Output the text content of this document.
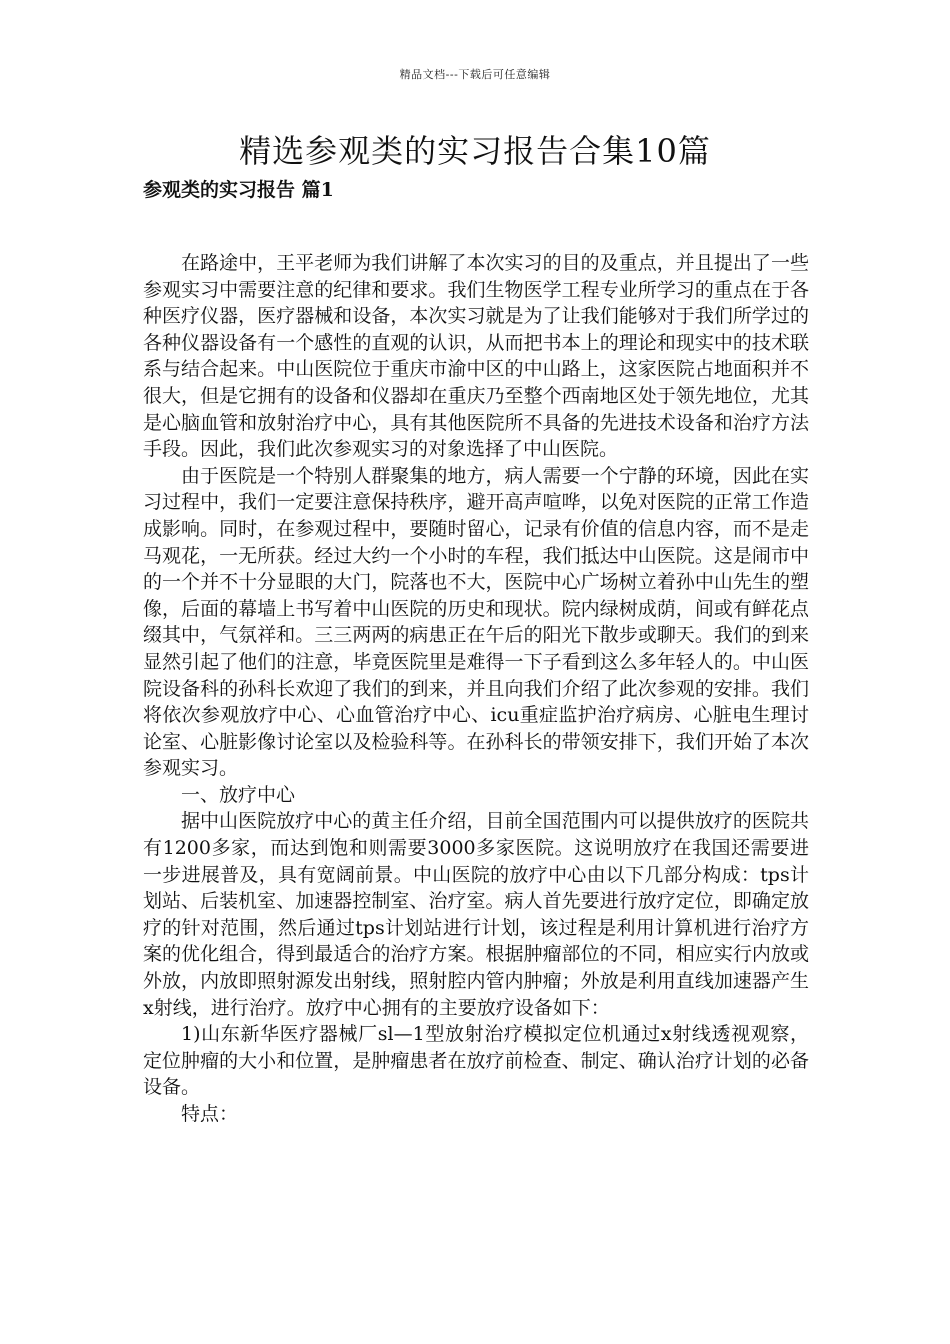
精品文档---下载后可任意编辑
精选参观类的实习报告合集10篇
参观类的实习报告 篇1

在路途中，王平老师为我们讲解了本次实习的目的及重点，并且提出了一些参观实习中需要注意的纪律和要求。我们生物医学工程专业所学习的重点在于各种医疗仪器，医疗器械和设备，本次实习就是为了让我们能够对于我们所学过的各种仪器设备有一个感性的直观的认识，从而把书本上的理论和现实中的技术联系与结合起来。中山医院位于重庆市渝中区的中山路上，这家医院占地面积并不很大，但是它拥有的设备和仪器却在重庆乃至整个西南地区处于领先地位，尤其是心脑血管和放射治疗中心，具有其他医院所不具备的先进技术设备和治疗方法手段。因此，我们此次参观实习的对象选择了中山医院。

由于医院是一个特别人群聚集的地方，病人需要一个宁静的环境，因此在实习过程中，我们一定要注意保持秩序，避开高声喧哗，以免对医院的正常工作造成影响。同时，在参观过程中，要随时留心，记录有价值的信息内容，而不是走马观花，一无所获。经过大约一个小时的车程，我们抵达中山医院。这是闹市中的一个并不十分显眼的大门，院落也不大，医院中心广场树立着孙中山先生的塑像，后面的幕墙上书写着中山医院的历史和现状。院内绿树成荫，间或有鲜花点缀其中，气氛祥和。三三两两的病患正在午后的阳光下散步或聊天。我们的到来显然引起了他们的注意，毕竟医院里是难得一下子看到这么多年轻人的。中山医院设备科的孙科长欢迎了我们的到来，并且向我们介绍了此次参观的安排。我们将依次参观放疗中心、心血管治疗中心、icu重症监护治疗病房、心脏电生理讨论室、心脏影像讨论室以及检验科等。在孙科长的带领安排下，我们开始了本次参观实习。

一、放疗中心

据中山医院放疗中心的黄主任介绍，目前全国范围内可以提供放疗的医院共有1200多家，而达到饱和则需要3000多家医院。这说明放疗在我国还需要进一步进展普及，具有宽阔前景。中山医院的放疗中心由以下几部分构成：tps计划站、后装机室、加速器控制室、治疗室。病人首先要进行放疗定位，即确定放疗的针对范围，然后通过tps计划站进行计划，该过程是利用计算机进行治疗方案的优化组合，得到最适合的治疗方案。根据肿瘤部位的不同，相应实行内放或外放，内放即照射源发出射线，照射腔内管内肿瘤；外放是利用直线加速器产生x射线，进行治疗。放疗中心拥有的主要放疗设备如下：

1)山东新华医疗器械厂sl—1型放射治疗模拟定位机通过x射线透视观察，定位肿瘤的大小和位置，是肿瘤患者在放疗前检查、制定、确认治疗计划的必备设备。

特点：
